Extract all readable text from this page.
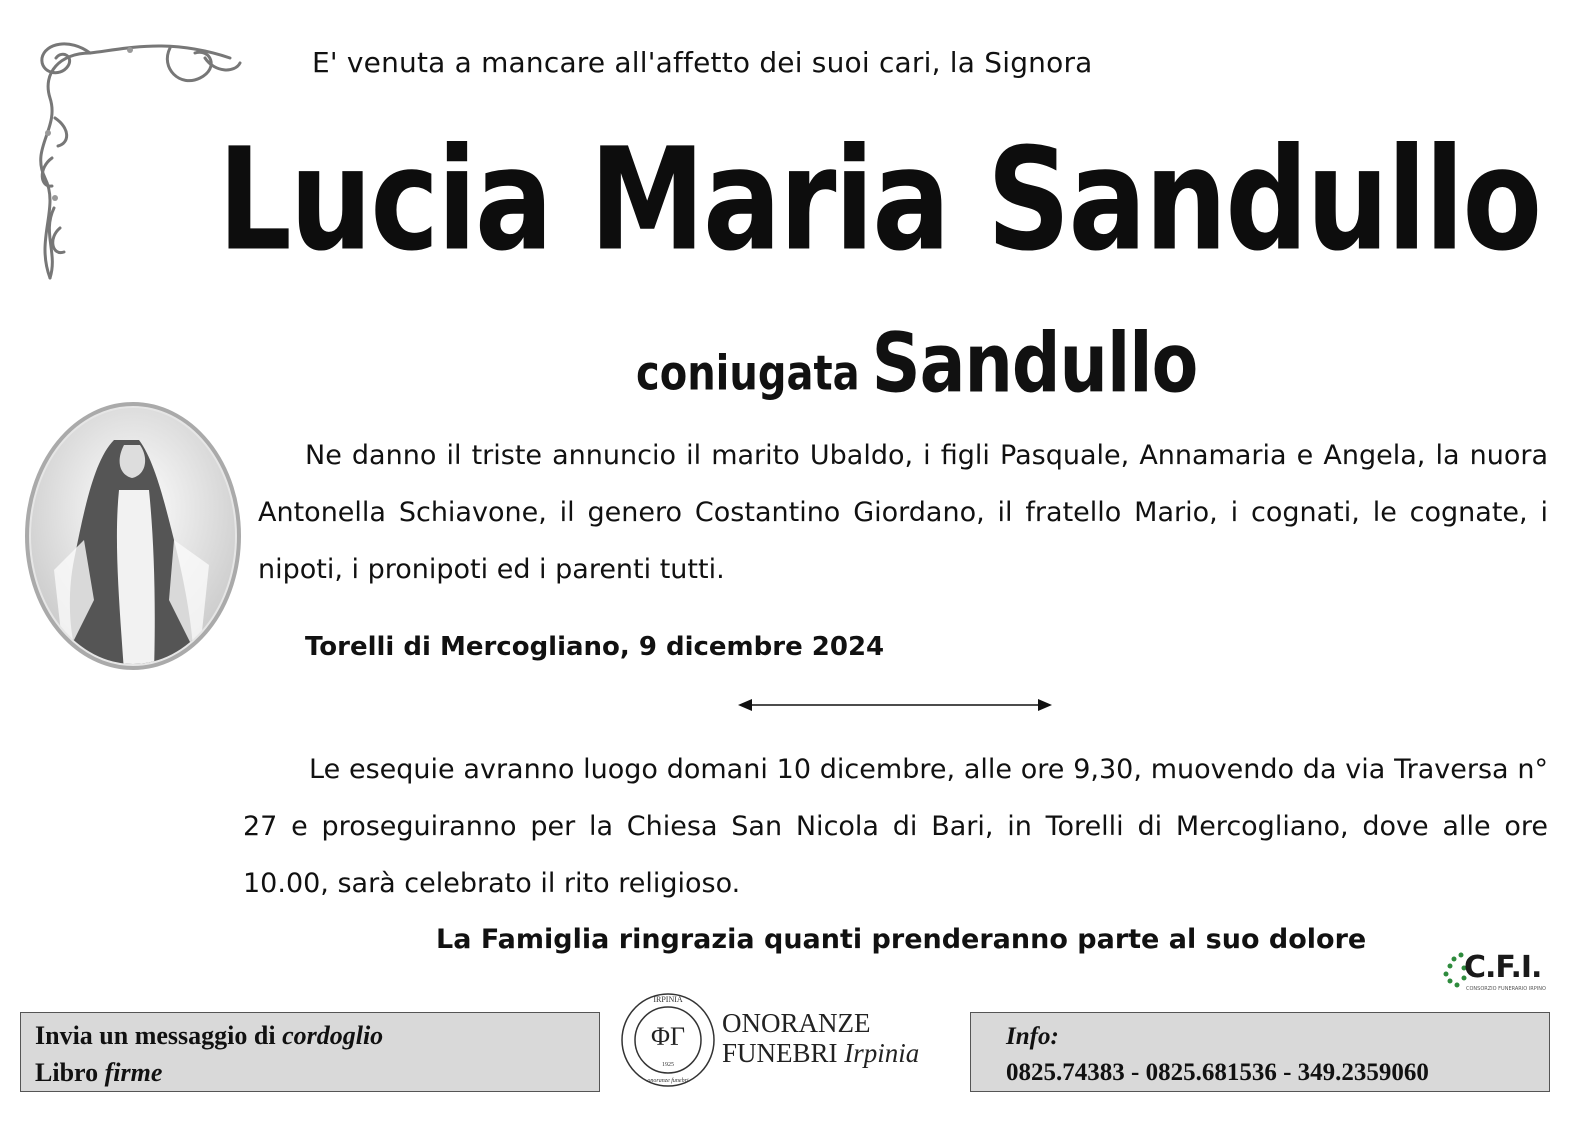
E' venuta a mancare all'affetto dei suoi cari, la Signora
Lucia Maria Sandullo
coniugata Sandullo
Ne danno il triste annuncio il marito Ubaldo, i figli Pasquale, Annamaria e Angela, la nuora Antonella Schiavone, il genero Costantino Giordano, il fratello Mario, i cognati, le cognate, i nipoti, i pronipoti ed i parenti tutti.
Torelli di Mercogliano, 9 dicembre 2024
Le esequie avranno luogo domani 10 dicembre, alle ore 9,30, muovendo da via Traversa n° 27 e proseguiranno per la Chiesa San Nicola di Bari, in Torelli di Mercogliano, dove alle ore 10.00, sarà celebrato il rito religioso.
La Famiglia ringrazia quanti prenderanno parte al suo dolore
C.F.I.
CONSORZIO FUNERARIO IRPINO
Invia un messaggio di cordoglio
Libro firme
IRPINIA
ΦΓ
1925
onoranze funebri
ONORANZE
FUNEBRI Irpinia
Info:
0825.74383 - 0825.681536 - 349.2359060
